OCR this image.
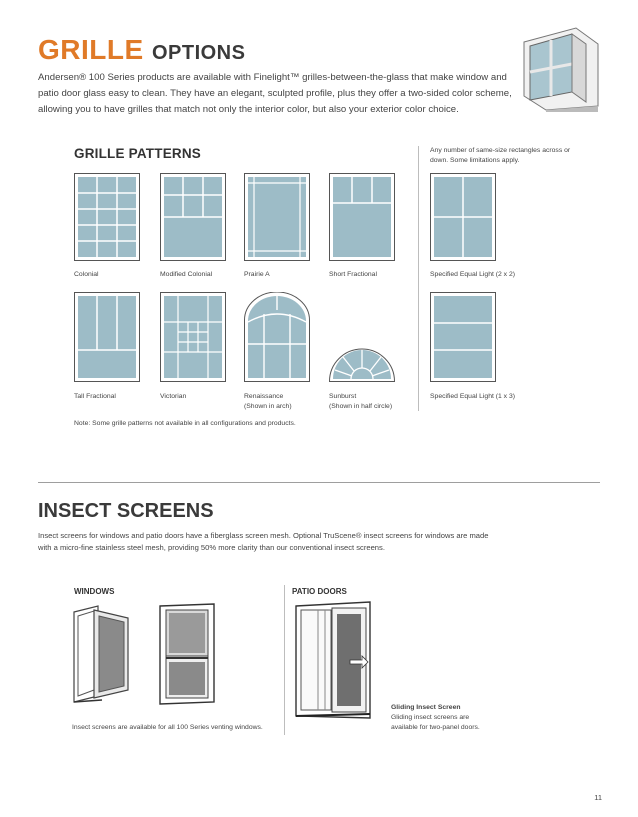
GRILLE OPTIONS

Andersen® 100 Series products are available with Finelight™ grilles-between-the-glass that make window and patio door glass easy to clean. They have an elegant, sculpted profile, plus they offer a two-sided color scheme, allowing you to have grilles that match not only the interior color, but also your exterior color choice.

GRILLE PATTERNS	Any number of same-size rectangles across or down. Some limitations apply.
Colonial	Modified Colonial	Prairie A	Short Fractional	Specified Equal Light (2 x 2)
Tall Fractional	Victorian	Renaissance
(Shown in arch)
Sunburst
(Shown in half circle)
Specified Equal Light (1 x 3)
Note: Some grille patterns not available in all configurations and products.
INSECT SCREENS

Insect screens for windows and patio doors have a fiberglass screen mesh. Optional TruScene® insect screens for windows are made with a micro-fine stainless steel mesh, providing 50% more clarity than our conventional insect screens.

WINDOWS	PATIO DOORS
Insect screens are available for all 100 Series venting windows.
Gliding Insect Screen
Gliding insect screens are available for two-panel doors.
11
